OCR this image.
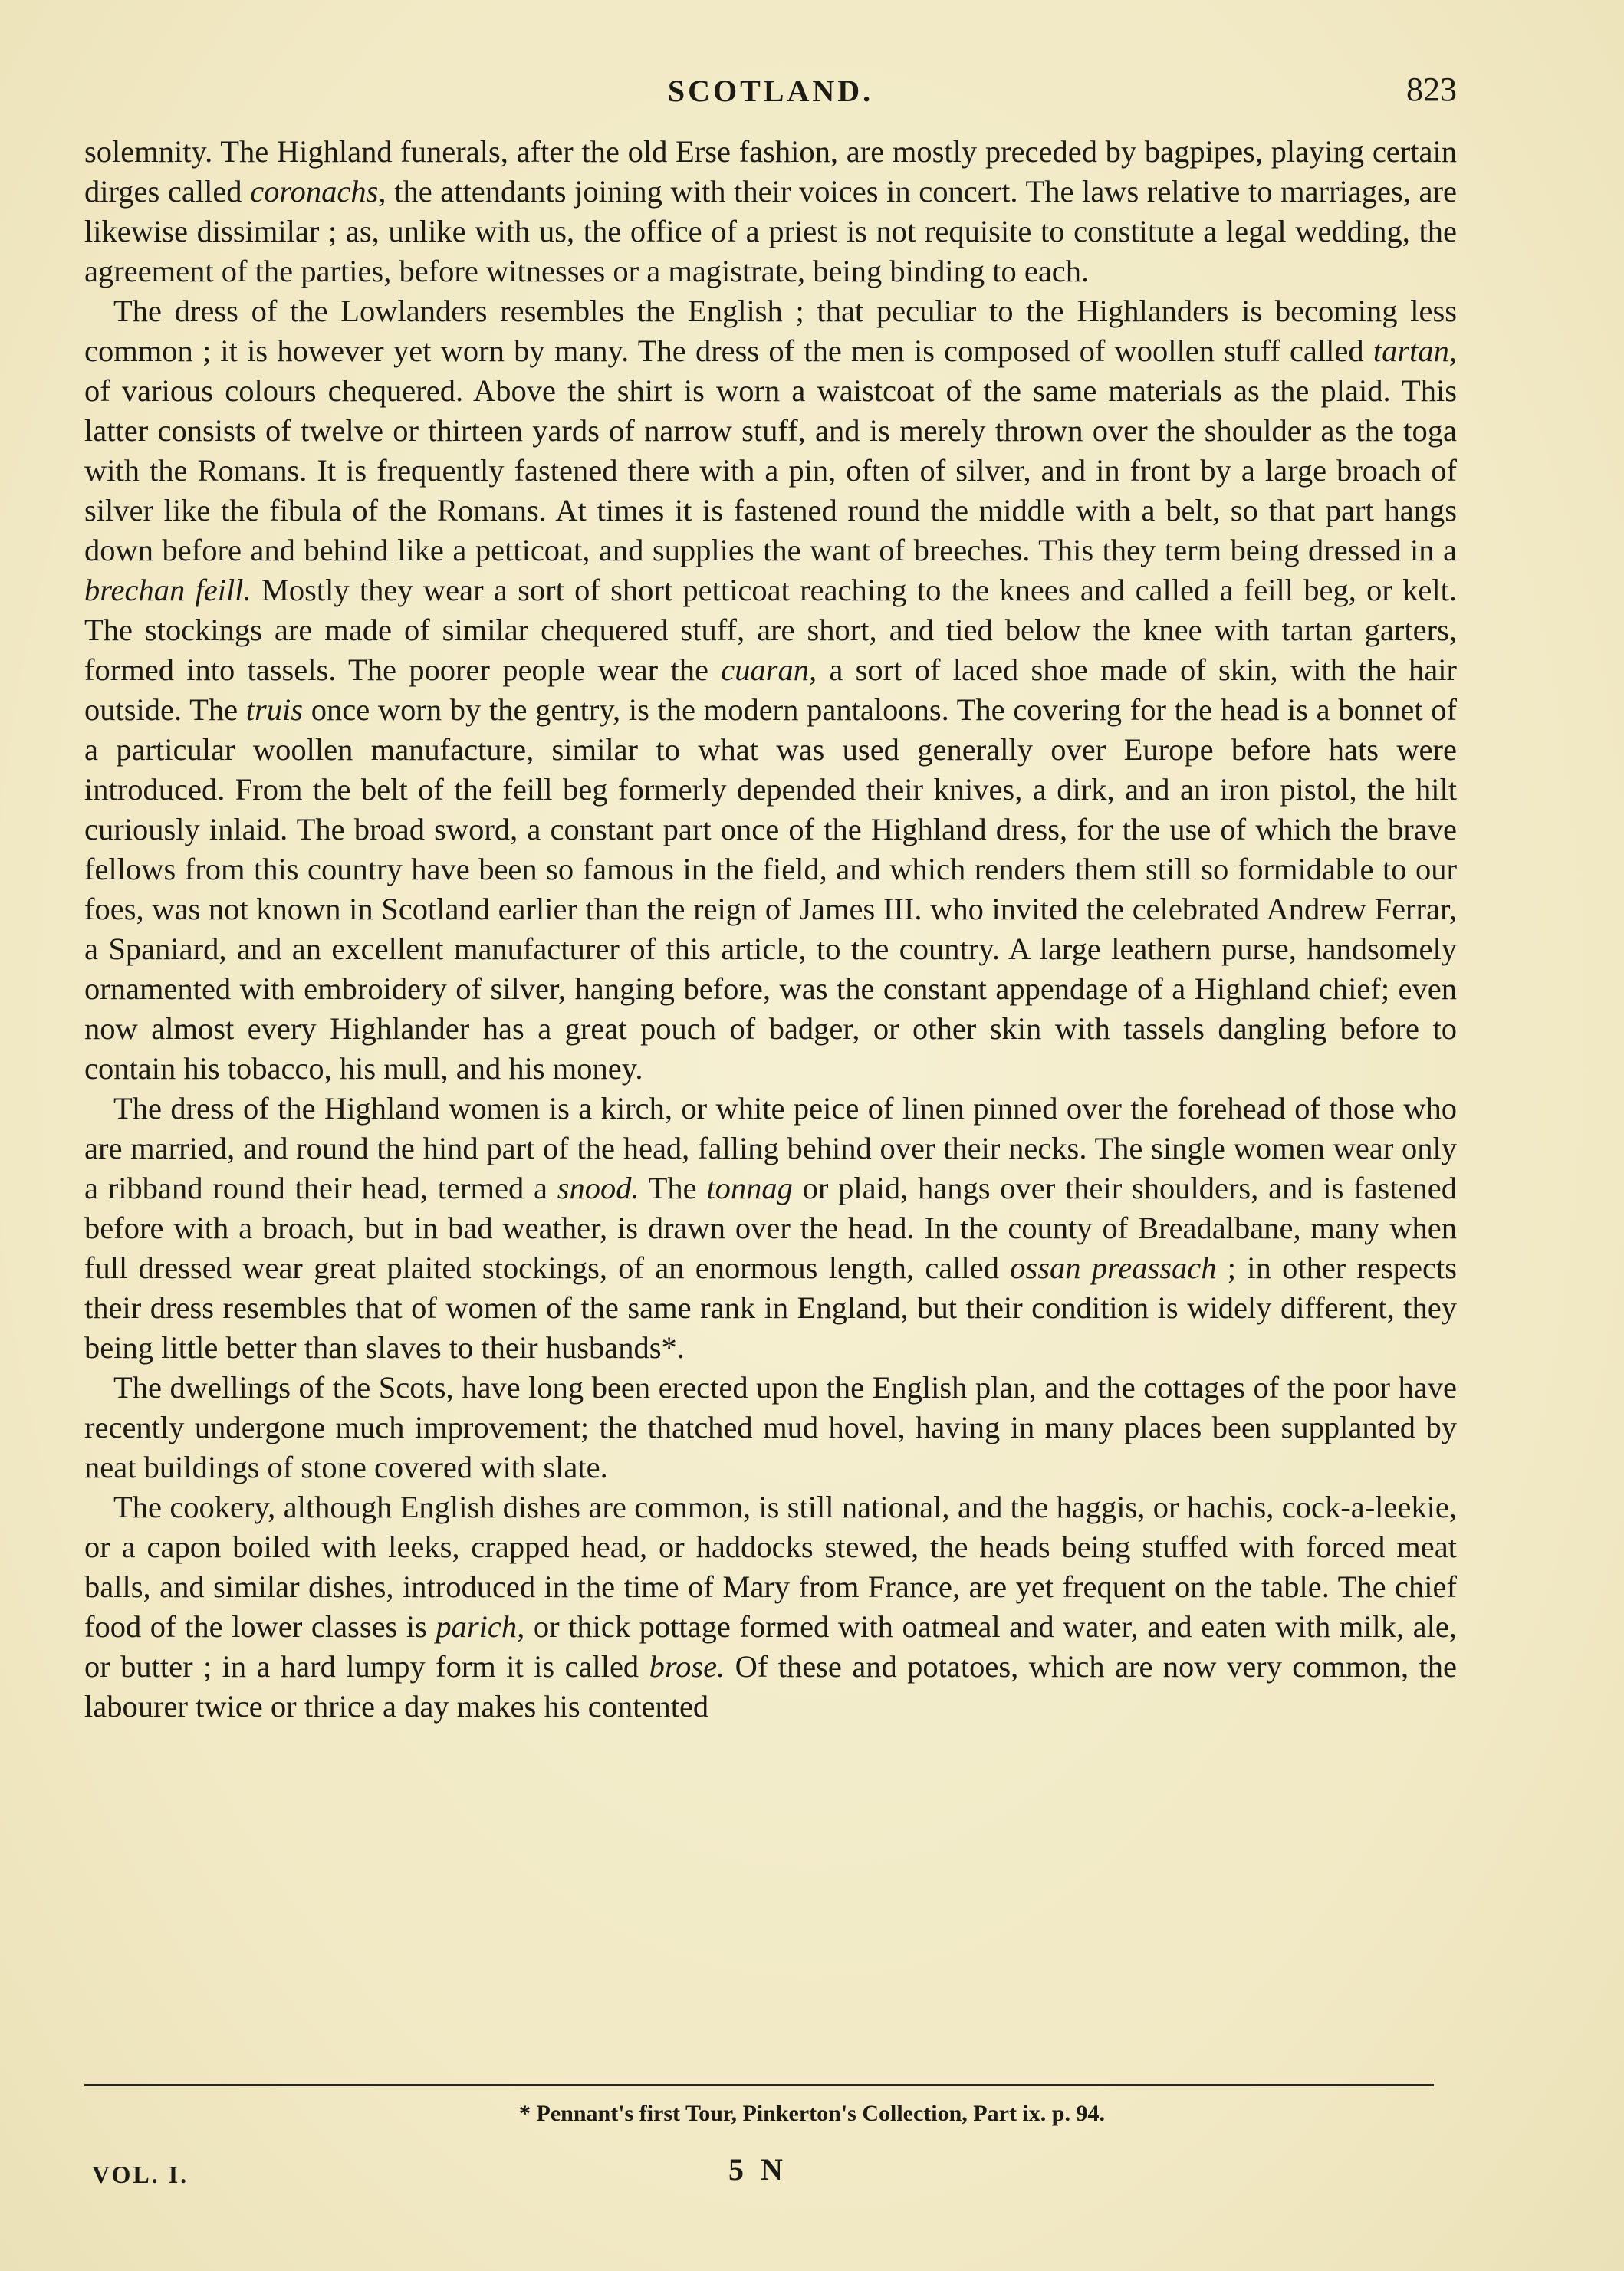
SCOTLAND.	823

solemnity. The Highland funerals, after the old Erse fashion, are mostly preceded by bagpipes, playing certain dirges called coronachs, the attendants joining with their voices in concert. The laws relative to marriages, are likewise dissimilar ; as, unlike with us, the office of a priest is not requisite to constitute a legal wedding, the agreement of the parties, before witnesses or a magistrate, being binding to each.

The dress of the Lowlanders resembles the English ; that peculiar to the Highlanders is becoming less common ; it is however yet worn by many. The dress of the men is composed of woollen stuff called tartan, of various colours chequered. Above the shirt is worn a waistcoat of the same materials as the plaid. This latter consists of twelve or thirteen yards of narrow stuff, and is merely thrown over the shoulder as the toga with the Romans. It is frequently fastened there with a pin, often of silver, and in front by a large broach of silver like the fibula of the Romans. At times it is fastened round the middle with a belt, so that part hangs down before and behind like a petticoat, and supplies the want of breeches. This they term being dressed in a brechan feill. Mostly they wear a sort of short petticoat reaching to the knees and called a feill beg, or kelt. The stockings are made of similar chequered stuff, are short, and tied below the knee with tartan garters, formed into tassels. The poorer people wear the cuaran, a sort of laced shoe made of skin, with the hair outside. The truis once worn by the gentry, is the modern pantaloons. The covering for the head is a bonnet of a particular woollen manufacture, similar to what was used generally over Europe before hats were introduced. From the belt of the feill beg formerly depended their knives, a dirk, and an iron pistol, the hilt curiously inlaid. The broad sword, a constant part once of the Highland dress, for the use of which the brave fellows from this country have been so famous in the field, and which renders them still so formidable to our foes, was not known in Scotland earlier than the reign of James III. who invited the celebrated Andrew Ferrar, a Spaniard, and an excellent manufacturer of this article, to the country. A large leathern purse, handsomely ornamented with embroidery of silver, hanging before, was the constant appendage of a Highland chief; even now almost every Highlander has a great pouch of badger, or other skin with tassels dangling before to contain his tobacco, his mull, and his money.

The dress of the Highland women is a kirch, or white peice of linen pinned over the forehead of those who are married, and round the hind part of the head, falling behind over their necks. The single women wear only a ribband round their head, termed a snood. The tonnag or plaid, hangs over their shoulders, and is fastened before with a broach, but in bad weather, is drawn over the head. In the county of Breadalbane, many when full dressed wear great plaited stockings, of an enormous length, called ossan preassach ; in other respects their dress resembles that of women of the same rank in England, but their condition is widely different, they being little better than slaves to their husbands*.

The dwellings of the Scots, have long been erected upon the English plan, and the cottages of the poor have recently undergone much improvement; the thatched mud hovel, having in many places been supplanted by neat buildings of stone covered with slate.

The cookery, although English dishes are common, is still national, and the haggis, or hachis, cock-a-leekie, or a capon boiled with leeks, crapped head, or haddocks stewed, the heads being stuffed with forced meat balls, and similar dishes, introduced in the time of Mary from France, are yet frequent on the table. The chief food of the lower classes is parich, or thick pottage formed with oatmeal and water, and eaten with milk, ale, or butter ; in a hard lumpy form it is called brose. Of these and potatoes, which are now very common, the labourer twice or thrice a day makes his contented

* Pennant's first Tour, Pinkerton's Collection, Part ix. p. 94.
VOL. I.	5 N
